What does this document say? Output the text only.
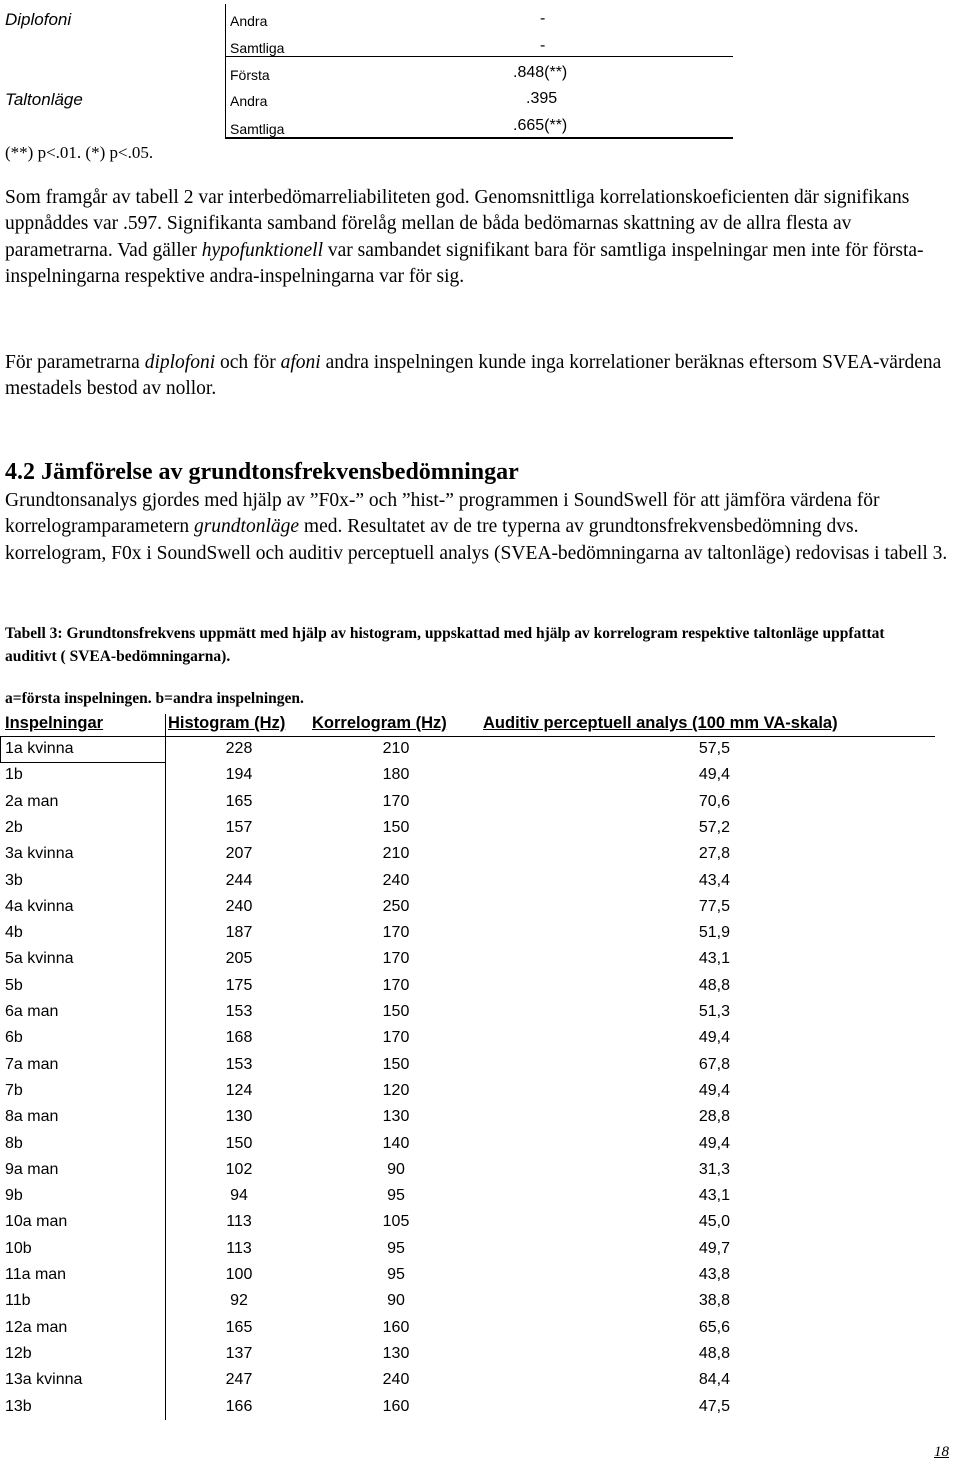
Diplofoni	Andra	-
Samtliga	-
Första	.848(**)
Taltonläge	Andra	.395
Samtliga	.665(**)
(**) p<.01. (*) p<.05.

Som framgår av tabell 2 var interbedömarreliabiliteten god. Genomsnittliga korrelationskoeficienten där signifikans uppnåddes var .597. Signifikanta samband förelåg mellan de båda bedömarnas skattning av de allra flesta av parametrarna. Vad gäller hypofunktionell var sambandet signifikant bara för samtliga inspelningar men inte för första-inspelningarna respektive andra-inspelningarna var för sig.

För parametrarna diplofoni och för afoni andra inspelningen kunde inga korrelationer beräknas eftersom SVEA-värdena mestadels bestod av nollor.

4.2 Jämförelse av grundtonsfrekvensbedömningar

Grundtonsanalys gjordes med hjälp av ”F0x-” och ”hist-” programmen i SoundSwell för att jämföra värdena för korrelogramparametern grundtonläge med. Resultatet av de tre typerna av grundtonsfrekvensbedömning dvs. korrelogram, F0x i SoundSwell och auditiv perceptuell analys (SVEA-bedömningarna av taltonläge) redovisas i tabell 3.

Tabell 3: Grundtonsfrekvens uppmätt med hjälp av histogram, uppskattad med hjälp av korrelogram respektive taltonläge uppfattat auditivt ( SVEA-bedömningarna).

a=första inspelningen. b=andra inspelningen.
Inspelningar	Histogram (Hz) Korrelogram (Hz) Auditiv perceptuell analys (100 mm VA-skala)
1a kvinna	228	210	57,5
1b	194	180	49,4
2a man	165	170	70,6
2b	157	150	57,2
3a kvinna	207	210	27,8
3b	244	240	43,4
4a kvinna	240	250	77,5
4b	187	170	51,9
5a kvinna	205	170	43,1
5b	175	170	48,8
6a man	153	150	51,3
6b	168	170	49,4
7a man	153	150	67,8
7b	124	120	49,4
8a man	130	130	28,8
8b	150	140	49,4
9a man	102	90	31,3
9b	94	95	43,1
10a man	113	105	45,0
10b	113	95	49,7
11a man	100	95	43,8
11b	92	90	38,8
12a man	165	160	65,6
12b	137	130	48,8
13a kvinna	247	240	84,4
13b	166	160	47,5
18
